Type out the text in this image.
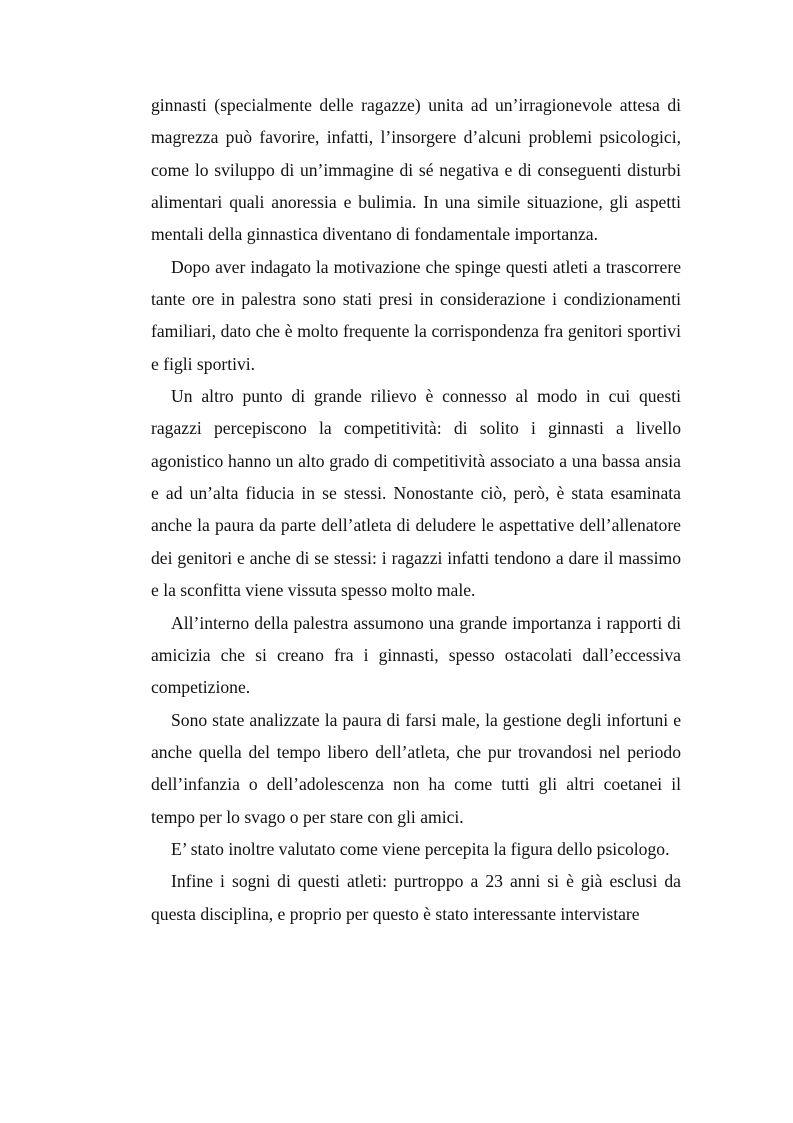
ginnasti (specialmente delle ragazze) unita ad un’irragionevole attesa di magrezza può favorire, infatti, l’insorgere d’alcuni problemi psicologici, come lo sviluppo di un’immagine di sé negativa e di conseguenti disturbi alimentari quali anoressia e bulimia. In una simile situazione, gli aspetti mentali della ginnastica diventano di fondamentale importanza.

Dopo aver indagato la motivazione che spinge questi atleti a trascorrere tante ore in palestra sono stati presi in considerazione i condizionamenti familiari, dato che è molto frequente la corrispondenza fra genitori sportivi e figli sportivi.

Un altro punto di grande rilievo è connesso al modo in cui questi ragazzi percepiscono la competitività: di solito i ginnasti a livello agonistico hanno un alto grado di competitività associato a una bassa ansia e ad un’alta fiducia in se stessi. Nonostante ciò, però, è stata esaminata anche la paura da parte dell’atleta di deludere le aspettative dell’allenatore dei genitori e anche di se stessi: i ragazzi infatti tendono a dare il massimo e la sconfitta viene vissuta spesso molto male.

All’interno della palestra assumono una grande importanza i rapporti di amicizia che si creano fra i ginnasti, spesso ostacolati dall’eccessiva competizione.

Sono state analizzate la paura di farsi male, la gestione degli infortuni e anche quella del tempo libero dell’atleta, che pur trovandosi nel periodo dell’infanzia o dell’adolescenza non ha come tutti gli altri coetanei il tempo per lo svago o per stare con gli amici.

E’ stato inoltre valutato come viene percepita la figura dello psicologo.

Infine i sogni di questi atleti: purtroppo a 23 anni si è già esclusi da questa disciplina, e proprio per questo è stato interessante intervistare
